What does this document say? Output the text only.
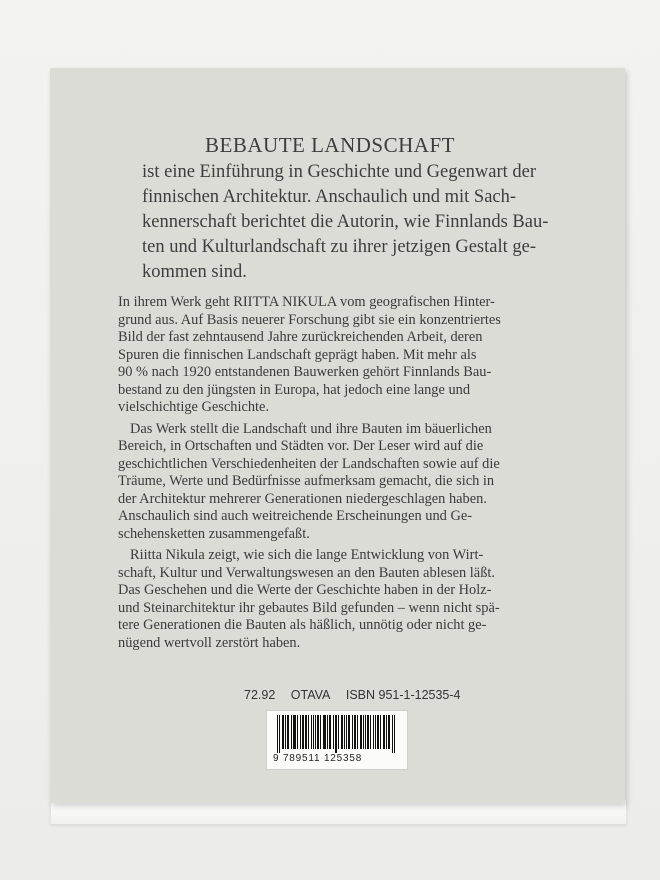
BEBAUTE LANDSCHAFT
ist eine Einführung in Geschichte und Gegenwart der
finnischen Architektur. Anschaulich und mit Sach-
kennerschaft berichtet die Autorin, wie Finnlands Bau-
ten und Kulturlandschaft zu ihrer jetzigen Gestalt ge-
kommen sind.
In ihrem Werk geht RIITTA NIKULA vom geografischen Hinter-
grund aus. Auf Basis neuerer Forschung gibt sie ein konzentriertes
Bild der fast zehntausend Jahre zurückreichenden Arbeit, deren
Spuren die finnischen Landschaft geprägt haben. Mit mehr als
90 % nach 1920 entstandenen Bauwerken gehört Finnlands Bau-
bestand zu den jüngsten in Europa, hat jedoch eine lange und
vielschichtige Geschichte.
Das Werk stellt die Landschaft und ihre Bauten im bäuerlichen
Bereich, in Ortschaften und Städten vor. Der Leser wird auf die
geschichtlichen Verschiedenheiten der Landschaften sowie auf die
Träume, Werte und Bedürfnisse aufmerksam gemacht, die sich in
der Architektur mehrerer Generationen niedergeschlagen haben.
Anschaulich sind auch weitreichende Erscheinungen und Ge-
schehensketten zusammengefaßt.
Riitta Nikula zeigt, wie sich die lange Entwicklung von Wirt-
schaft, Kultur und Verwaltungswesen an den Bauten ablesen läßt.
Das Geschehen und die Werte der Geschichte haben in der Holz-
und Steinarchitektur ihr gebautes Bild gefunden – wenn nicht spä-
tere Generationen die Bauten als häßlich, unnötig oder nicht ge-
nügend wertvoll zerstört haben.
72.92 OTAVA ISBN 951-1-12535-4
9 789511 125358
